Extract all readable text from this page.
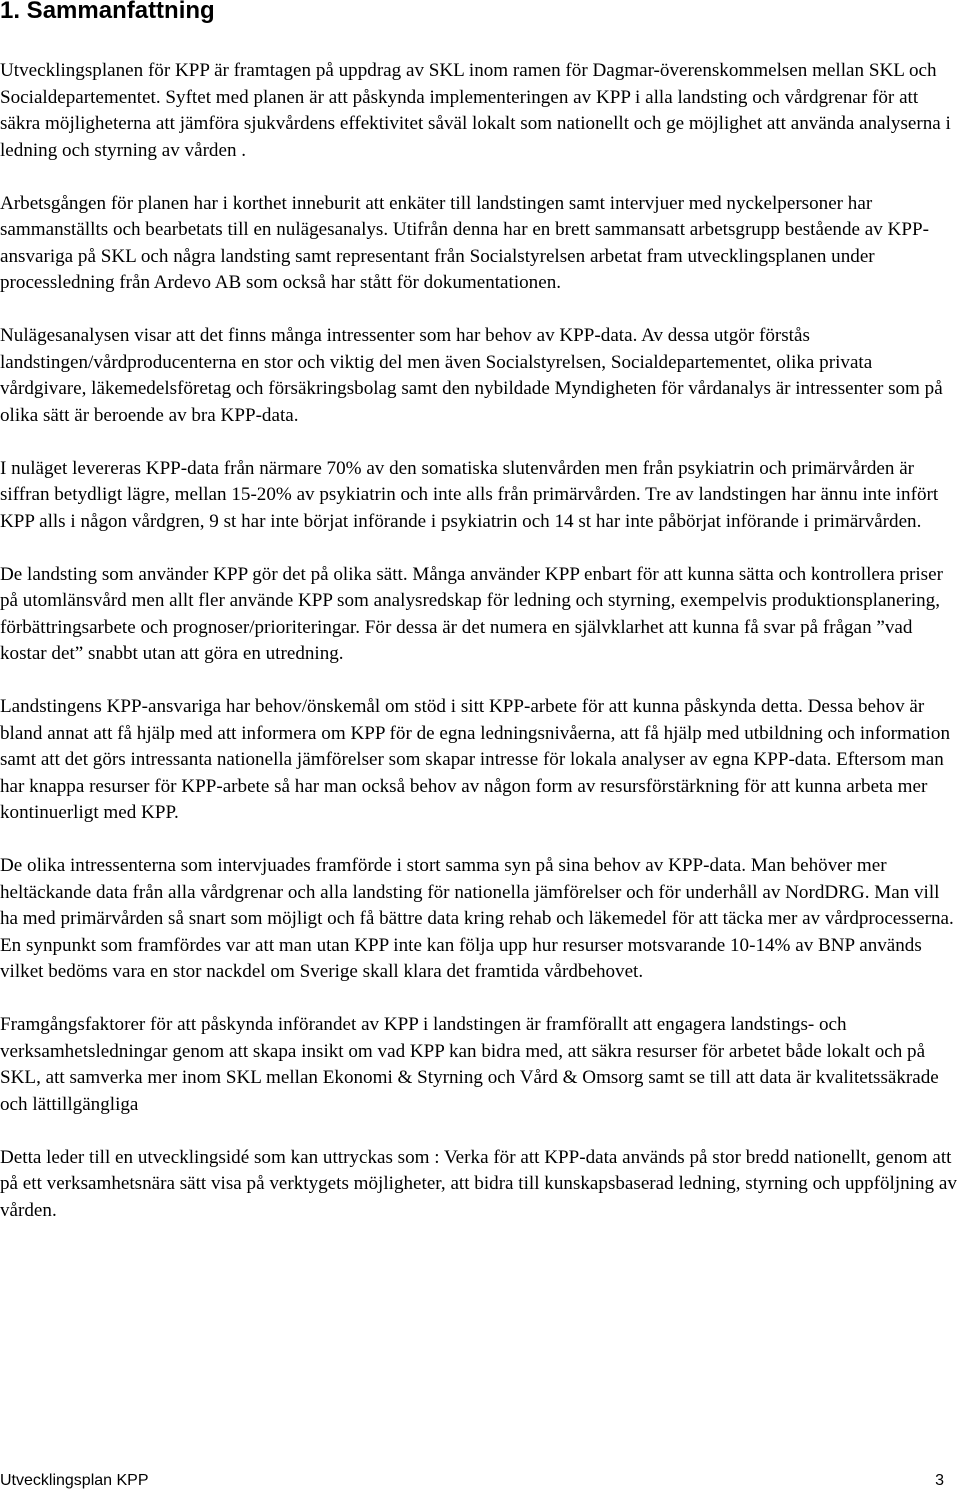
1. Sammanfattning

Utvecklingsplanen för KPP är framtagen på uppdrag av SKL inom ramen för Dagmar-överenskommelsen mellan SKL och Socialdepartementet. Syftet med planen är att påskynda implementeringen av KPP i alla landsting och vårdgrenar för att säkra möjligheterna att jämföra sjukvårdens effektivitet såväl lokalt som nationellt och ge möjlighet att använda analyserna i ledning och styrning av vården .

Arbetsgången för planen har i korthet inneburit att enkäter till landstingen samt intervjuer med nyckelpersoner har sammanställts och bearbetats till en nulägesanalys. Utifrån denna har en brett sammansatt arbetsgrupp bestående av KPP-ansvariga på SKL och några landsting samt representant från Socialstyrelsen arbetat fram utvecklingsplanen under processledning från Ardevo AB som också har stått för dokumentationen.

Nulägesanalysen visar att det finns många intressenter som har behov av KPP-data. Av dessa utgör förstås landstingen/vårdproducenterna en stor och viktig del men även Socialstyrelsen, Socialdepartementet, olika privata vårdgivare, läkemedelsföretag och försäkringsbolag samt den nybildade Myndigheten för vårdanalys är intressenter som på olika sätt är beroende av bra KPP-data.

I nuläget levereras KPP-data från närmare 70% av den somatiska slutenvården men från psykiatrin och primärvården är siffran betydligt lägre, mellan 15-20% av psykiatrin och inte alls från primärvården. Tre av landstingen har ännu inte infört KPP alls i någon vårdgren, 9 st har inte börjat införande i psykiatrin och 14 st har inte påbörjat införande i primärvården.

De landsting som använder KPP gör det på olika sätt. Många använder KPP enbart för att kunna sätta och kontrollera priser på utomlänsvård men allt fler använde KPP som analysredskap för ledning och styrning, exempelvis produktionsplanering, förbättringsarbete och prognoser/prioriteringar. För dessa är det numera en självklarhet att kunna få svar på frågan ”vad kostar det” snabbt utan att göra en utredning.

Landstingens KPP-ansvariga har behov/önskemål om stöd i sitt KPP-arbete för att kunna påskynda detta. Dessa behov är bland annat att få hjälp med att informera om KPP för de egna ledningsnivåerna, att få hjälp med utbildning och information samt att det görs intressanta nationella jämförelser som skapar intresse för lokala analyser av egna KPP-data. Eftersom man har knappa resurser för KPP-arbete så har man också behov av någon form av resursförstärkning för att kunna arbeta mer kontinuerligt med KPP.

De olika intressenterna som intervjuades framförde i stort samma syn på sina behov av KPP-data. Man behöver mer heltäckande data från alla vårdgrenar och alla landsting för nationella jämförelser och för underhåll av NordDRG. Man vill ha med primärvården så snart som möjligt och få bättre data kring rehab och läkemedel för att täcka mer av vårdprocesserna. En synpunkt som framfördes var att man utan KPP inte kan följa upp hur resurser motsvarande 10-14% av BNP används vilket bedöms vara en stor nackdel om Sverige skall klara det framtida vårdbehovet.

Framgångsfaktorer för att påskynda införandet av KPP i landstingen är framförallt att engagera landstings- och verksamhetsledningar genom att skapa insikt om vad KPP kan bidra med, att säkra resurser för arbetet både lokalt och på SKL, att samverka mer inom SKL mellan Ekonomi & Styrning och Vård & Omsorg samt se till att data är kvalitetssäkrade och lättillgängliga

Detta leder till en utvecklingsidé som kan uttryckas som : Verka för att KPP-data används på stor bredd nationellt, genom att på ett verksamhetsnära sätt visa på verktygets möjligheter, att bidra till kunskapsbaserad ledning, styrning och uppföljning av vården.

Utvecklingsplan KPP	3
